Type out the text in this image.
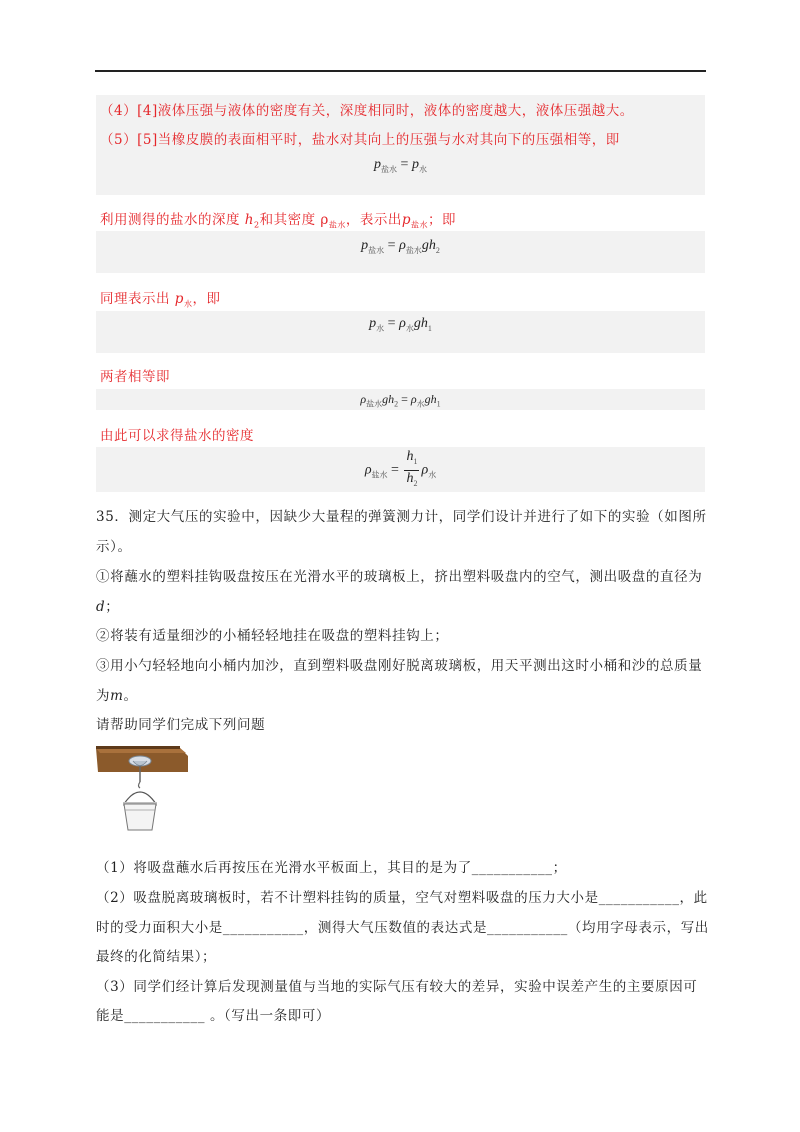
（4）[4]液体压强与液体的密度有关，深度相同时，液体的密度越大，液体压强越大。
（5）[5]当橡皮膜的表面相平时，盐水对其向上的压强与水对其向下的压强相等，即
$p_{盐水} = p_水$
利用测得的盐水的深度 $h_2$和其密度 $\rho_{盐水}$，表示出$p_{盐水}$；即
$p_{盐水} = \rho_{盐水}gh_2$
同理表示出 $p_水$，即
$p_水 = \rho_水gh_1$
两者相等即
$\rho_{盐水}gh_2 = \rho_水gh_1$
由此可以求得盐水的密度
$\rho_{盐水} = \frac{h_1}{h_2} \rho_水$
35．测定大气压的实验中，因缺少大量程的弹簧测力计，同学们设计并进行了如下的实验（如图所
示）。
①将蘸水的塑料挂钩吸盘按压在光滑水平的玻璃板上，挤出塑料吸盘内的空气，测出吸盘的直径为
d；
②将装有适量细沙的小桶轻轻地挂在吸盘的塑料挂钩上；
③用小勺轻轻地向小桶内加沙，直到塑料吸盘刚好脱离玻璃板，用天平测出这时小桶和沙的总质量
为m。
请帮助同学们完成下列问题
（1）将吸盘蘸水后再按压在光滑水平板面上，其目的是为了___________；
（2）吸盘脱离玻璃板时，若不计塑料挂钩的质量，空气对塑料吸盘的压力大小是___________，此
时的受力面积大小是___________，测得大气压数值的表达式是___________（均用字母表示，写出
最终的化简结果）；
（3）同学们经计算后发现测量值与当地的实际气压有较大的差异，实验中误差产生的主要原因可
能是___________ 。（写出一条即可）
